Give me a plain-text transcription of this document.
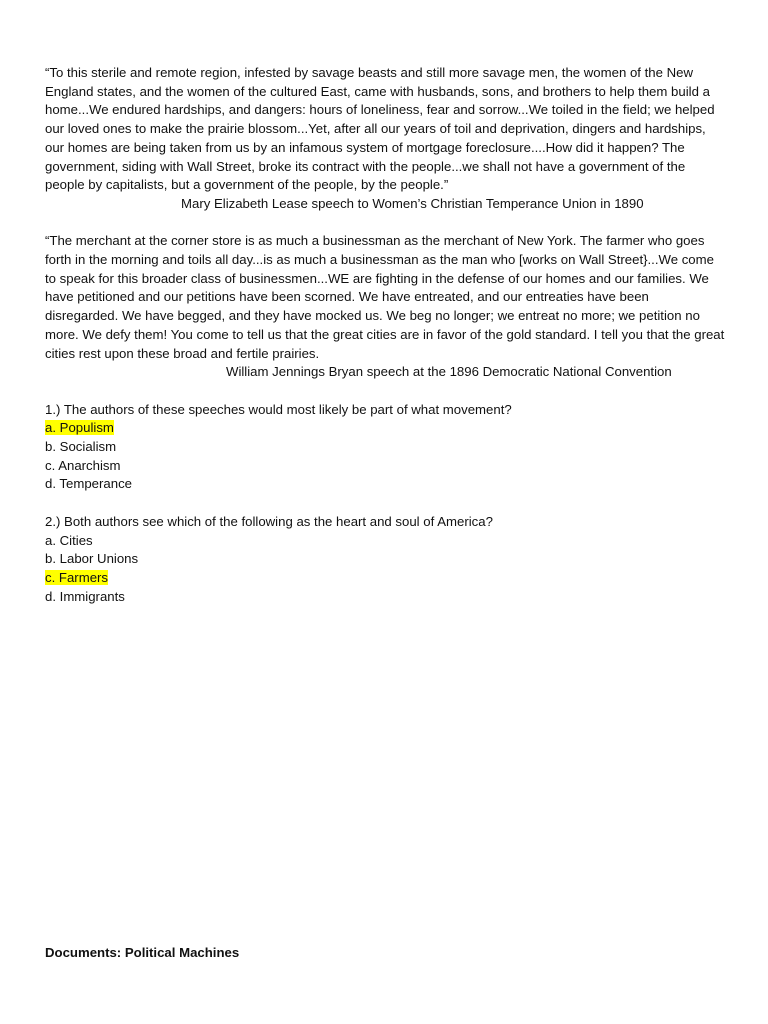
“To this sterile and remote region, infested by savage beasts and still more savage men, the women of the New England states, and the women of the cultured East, came with husbands, sons, and brothers to help them build a home...We endured hardships, and dangers: hours of loneliness, fear and sorrow...We toiled in the field; we helped our loved ones to make the prairie blossom...Yet, after all our years of toil and deprivation, dingers and hardships, our homes are being taken from us by an infamous system of mortgage foreclosure....How did it happen? The government, siding with Wall Street, broke its contract with the people...we shall not have a government of the people by capitalists, but a government of the people, by the people.”

Mary Elizabeth Lease speech to Women’s Christian Temperance Union in 1890

“The merchant at the corner store is as much a businessman as the merchant of New York. The farmer who goes forth in the morning and toils all day...is as much a businessman as the man who [works on Wall Street}...We come to speak for this broader class of businessmen...WE are fighting in the defense of our homes and our families. We have petitioned and our petitions have been scorned. We have entreated, and our entreaties have been disregarded. We have begged, and they have mocked us. We beg no longer; we entreat no more; we petition no more. We defy them! You come to tell us that the great cities are in favor of the gold standard. I tell you that the great cities rest upon these broad and fertile prairies.

William Jennings Bryan speech at the 1896 Democratic National Convention

1.) The authors of these speeches would most likely be part of what movement?

a. Populism

b. Socialism

c. Anarchism

d. Temperance

2.) Both authors see which of the following as the heart and soul of America?

a. Cities

b. Labor Unions

c. Farmers

d. Immigrants

Documents: Political Machines
